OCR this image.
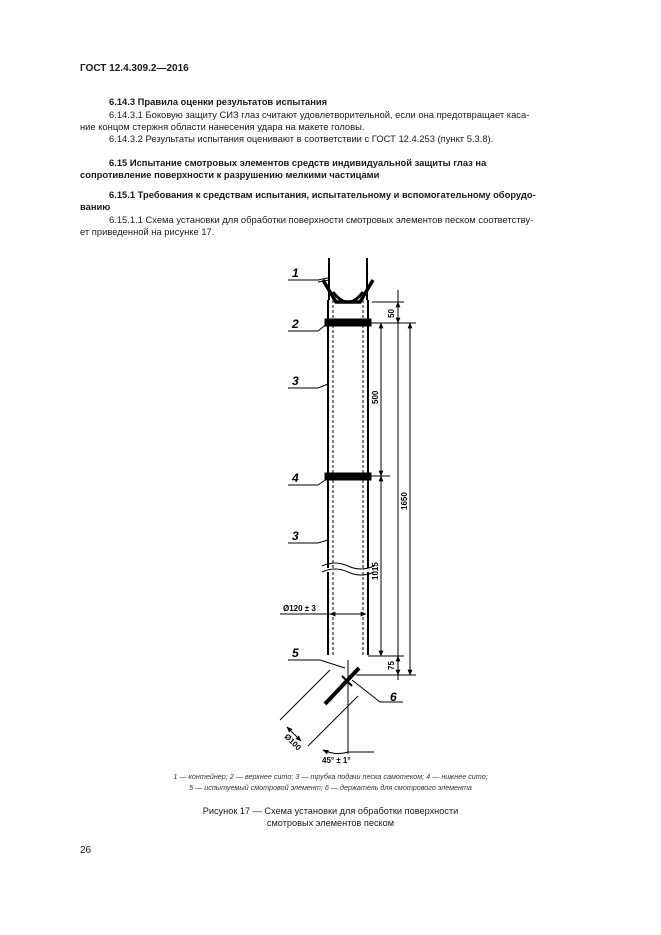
ГОСТ 12.4.309.2—2016
6.14.3 Правила оценки результатов испытания
6.14.3.1 Боковую защиту СИЗ глаз считают удовлетворительной, если она предотвращает каса-
ние концом стержня области нанесения удара на макете головы.
6.14.3.2 Результаты испытания оценивают в соответствии с ГОСТ 12.4.253 (пункт 5.3.8).
6.15 Испытание смотровых элементов средств индивидуальной защиты глаз на
сопротивление поверхности к разрушению мелкими частицами
6.15.1 Требования к средствам испытания, испытательному и вспомогательному оборудо-
ванию
6.15.1.1 Схема установки для обработки поверхности смотровых элементов песком соответству-
ет приведенной на рисунке 17.
1
2
3
4
3
5
6
50
500
1650
1015
75
Ø120 ± 3
Ø100
45° ± 1°
1 — контейнер; 2 — верхнее сито; 3 — трубка подачи песка самотеком; 4 — нижнее сито;
5 — испытуемый смотровой элемент; 6 — держатель для смотрового элемента
Рисунок 17 — Схема установки для обработки поверхности
смотровых элементов песком
26
